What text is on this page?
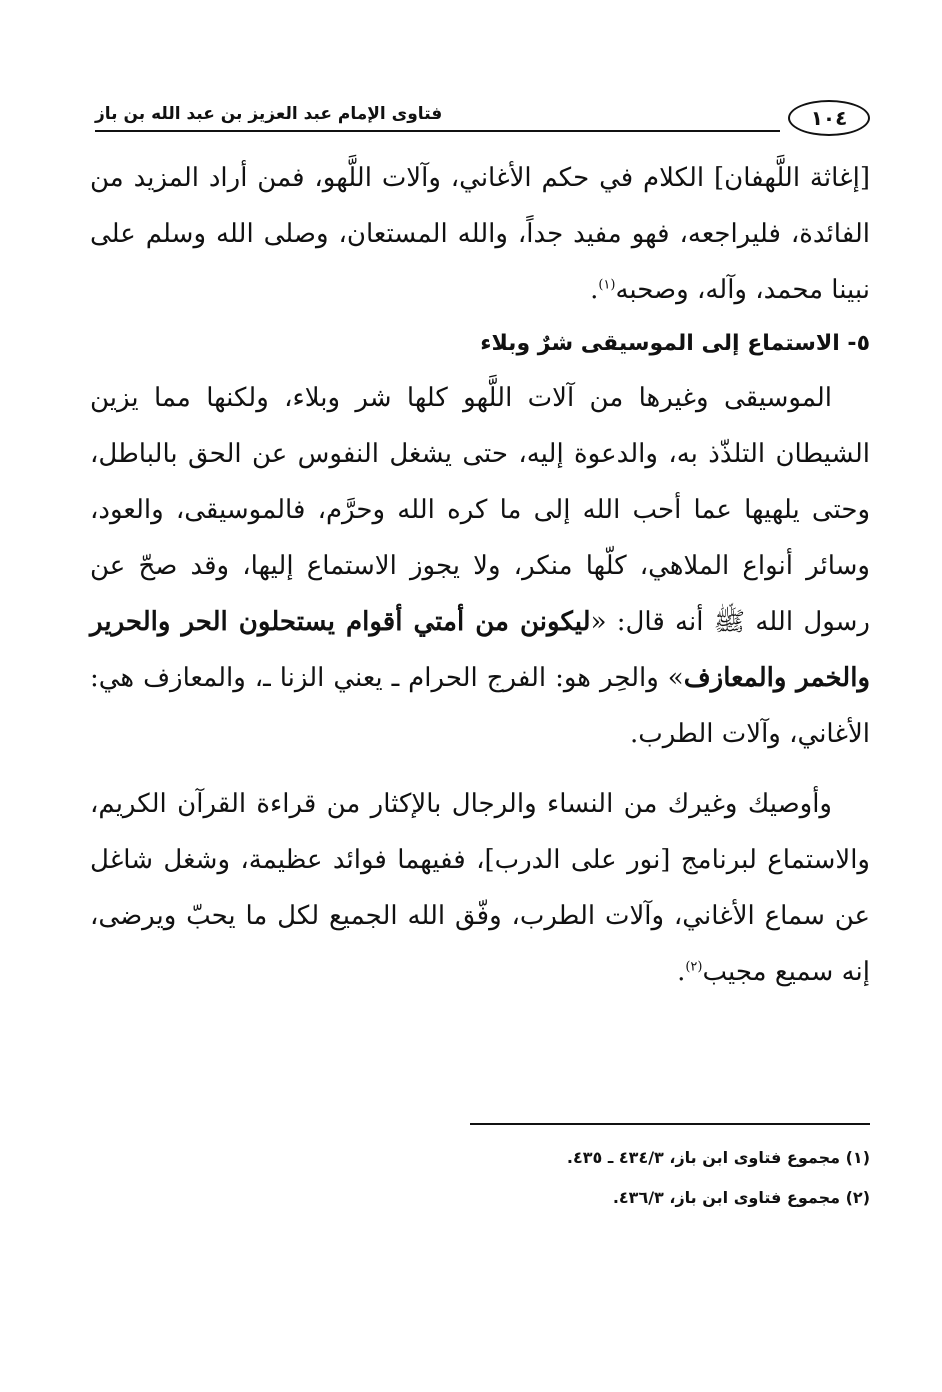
فتاوى الإمام عبد العزيز بن عبد الله بن باز	١٠٤

[إغاثة اللَّهفان] الكلام في حكم الأغاني، وآلات اللَّهو، فمن أراد المزيد من الفائدة، فليراجعه، فهو مفيد جداً، والله المستعان، وصلى الله وسلم على نبينا محمد، وآله، وصحبه$^{(١)}$.

٥- الاستماع إلى الموسيقى شرٌ وبلاء

الموسيقى وغيرها من آلات اللَّهو كلها شر وبلاء، ولكنها مما يزين الشيطان التلذّذ به، والدعوة إليه، حتى يشغل النفوس عن الحق بالباطل، وحتى يلهيها عما أحب الله إلى ما كره الله وحرَّم، فالموسيقى، والعود، وسائر أنواع الملاهي، كلّها منكر، ولا يجوز الاستماع إليها، وقد صحّ عن رسول الله ﷺ أنه قال: «ليكونن من أمتي أقوام يستحلون الحر والحرير والخمر والمعازف» والحِر هو: الفرج الحرام ـ يعني الزنا ـ، والمعازف هي: الأغاني، وآلات الطرب.

وأوصيك وغيرك من النساء والرجال بالإكثار من قراءة القرآن الكريم، والاستماع لبرنامج [نور على الدرب]، ففيهما فوائد عظيمة، وشغل شاغل عن سماع الأغاني، وآلات الطرب، وفّق الله الجميع لكل ما يحبّ ويرضى، إنه سميع مجيب$^{(٢)}$.

(١) مجموع فتاوى ابن باز، ٤٣٤/٣ ـ ٤٣٥.

(٢) مجموع فتاوى ابن باز، ٤٣٦/٣.
